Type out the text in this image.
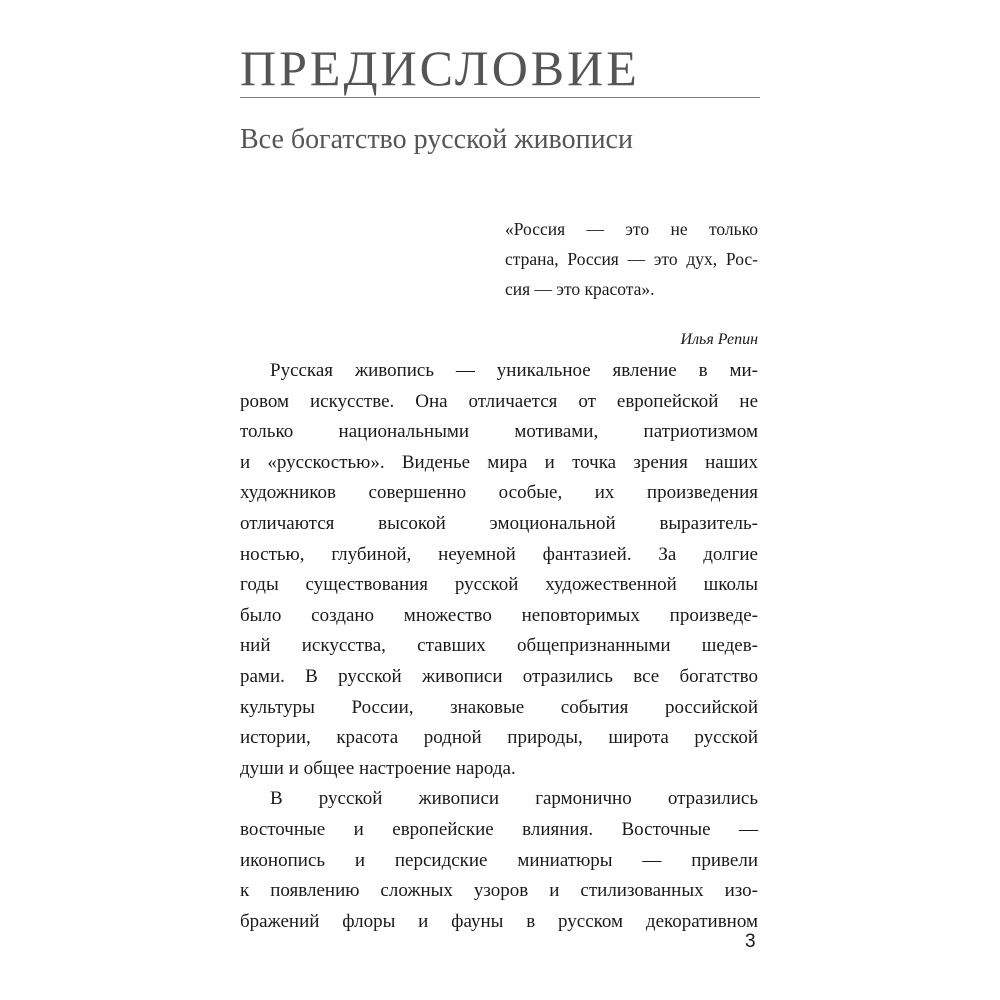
ПРЕДИСЛОВИЕ
Все богатство русской живописи
«Россия — это не только
страна, Россия — это дух, Рос-
сия — это красота».
Илья Репин
Русская живопись — уникальное явление в ми-
ровом искусстве. Она отличается от европейской не
только национальными мотивами, патриотизмом
и «русскостью». Виденье мира и точка зрения наших
художников совершенно особые, их произведения
отличаются высокой эмоциональной выразитель-
ностью, глубиной, неуемной фантазией. За долгие
годы существования русской художественной школы
было создано множество неповторимых произведе-
ний искусства, ставших общепризнанными шедев-
рами. В русской живописи отразились все богатство
культуры России, знаковые события российской
истории, красота родной природы, широта русской
души и общее настроение народа.
В русской живописи гармонично отразились
восточные и европейские влияния. Восточные —
иконопись и персидские миниатюры — привели
к появлению сложных узоров и стилизованных изо-
бражений флоры и фауны в русском декоративном
3
